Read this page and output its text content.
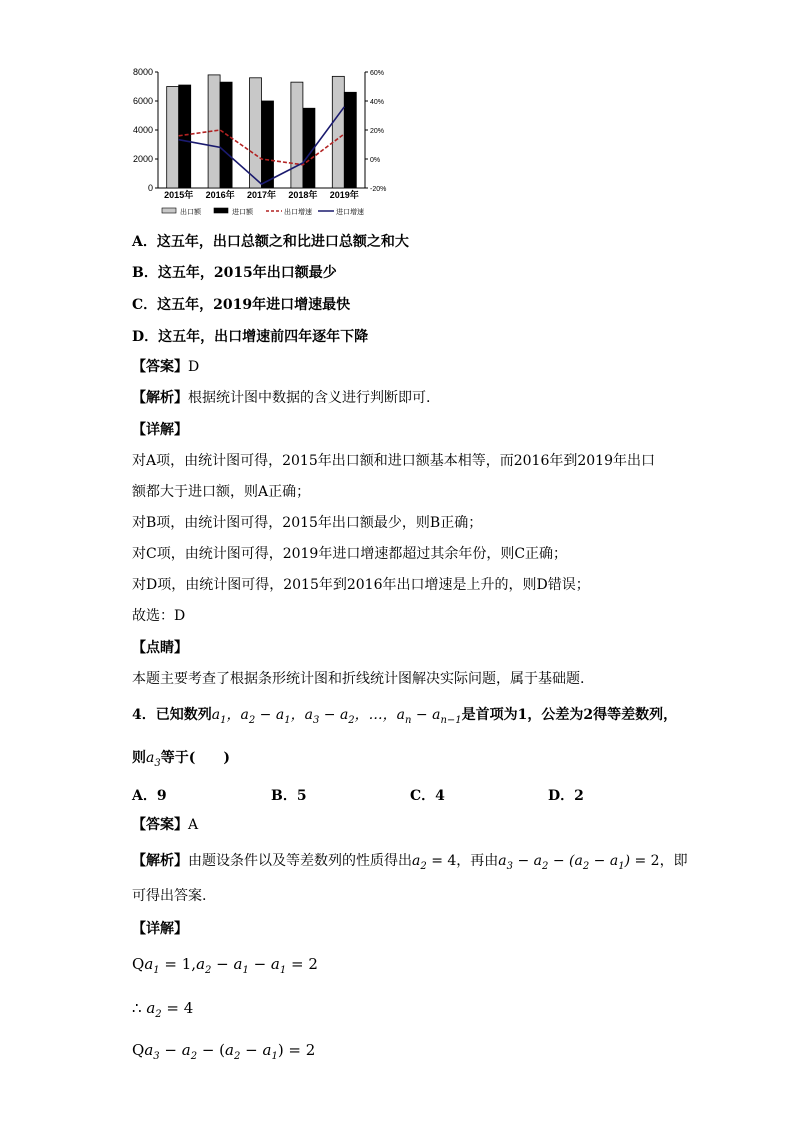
0
2000
4000
6000
8000
-20%
0%
20%
40%
60%
2015年 2016年 2017年 2018年 2019年
出口额	进口额	出口增速	进口增速
A．这五年，出口总额之和比进口总额之和大
B．这五年，2015年出口额最少
C．这五年，2019年进口增速最快
D．这五年，出口增速前四年逐年下降
【答案】D
【解析】根据统计图中数据的含义进行判断即可.
【详解】
对A项，由统计图可得，2015年出口额和进口额基本相等，而2016年到2019年出口
额都大于进口额，则A正确；
对B项，由统计图可得，2015年出口额最少，则B正确；
对C项，由统计图可得，2019年进口增速都超过其余年份，则C正确；
对D项，由统计图可得，2015年到2016年出口增速是上升的，则D错误；
故选：D
【点睛】
本题主要考查了根据条形统计图和折线统计图解决实际问题，属于基础题.
4．已知数列$a_1$，$a_2 - a_1$，$a_3 - a_2$，…，$a_n - a_{n-1}$是首项为1，公差为2得等差数列，
则$a_3$等于(　　)
A．9	B．5	C．4	D．2
【答案】A
【解析】由题设条件以及等差数列的性质得出$a_2 = 4$，再由$a_3 - a_2 - (a_2 - a_1) = 2$，即
可得出答案.
【详解】
$Qa_1 = 1,a_2 - a_1 - a_1 = 2$
∴ $a_2 = 4$
$Qa_3 - a_2 - (a_2 - a_1) = 2$
